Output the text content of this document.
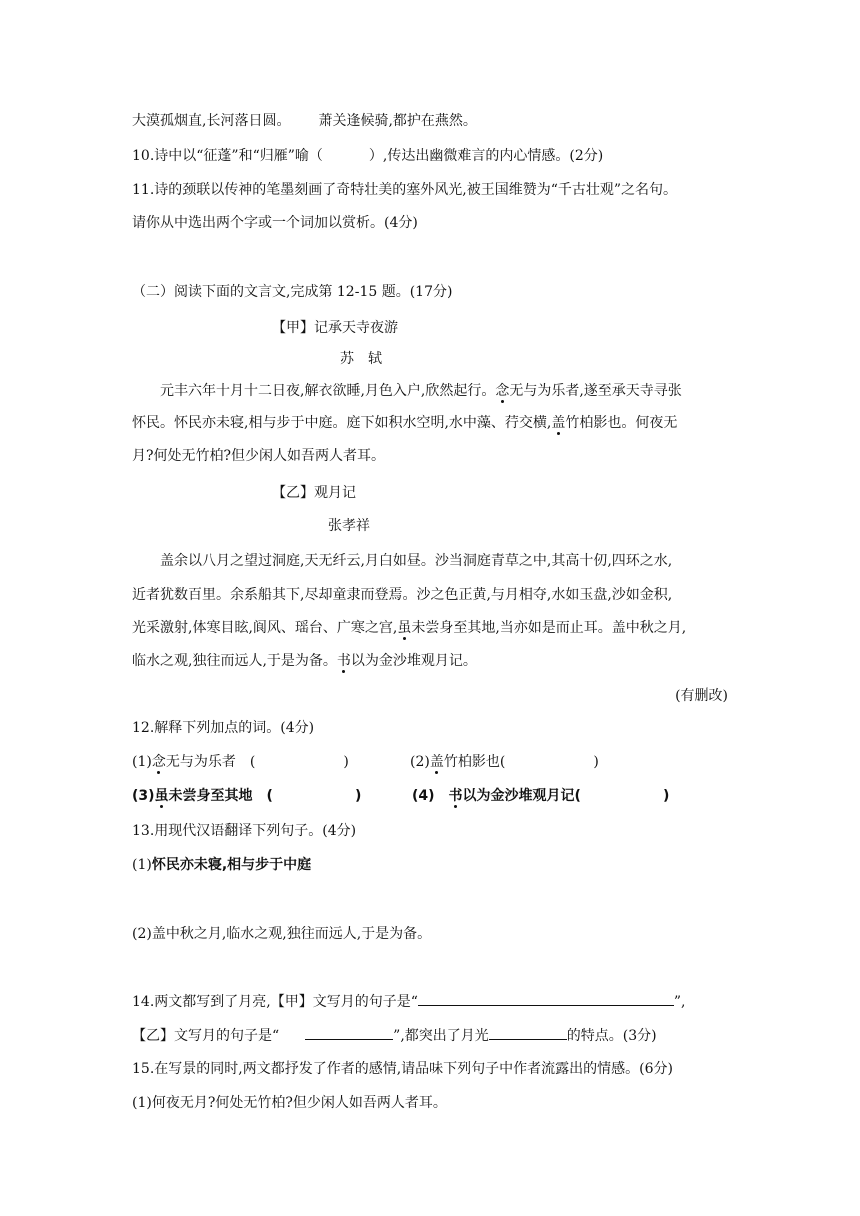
大漠孤烟直,长河落日圆。 萧关逢候骑,都护在燕然。
10.诗中以“征蓬”和“归雁”喻（	）,传达出幽微难言的内心情感。(2分)
11.诗的颈联以传神的笔墨刻画了奇特壮美的塞外风光,被王国维赞为“千古壮观”之名句。
请你从中选出两个字或一个词加以赏析。(4分)
（二）阅读下面的文言文,完成第 12-15 题。(17分)
【甲】记承天寺夜游
苏　轼
元丰六年十月十二日夜,解衣欲睡,月色入户,欣然起行。念无与为乐者,遂至承天寺寻张
怀民。怀民亦未寝,相与步于中庭。庭下如积水空明,水中藻、荇交横,盖竹柏影也。何夜无
月?何处无竹柏?但少闲人如吾两人者耳。
【乙】观月记
张孝祥
盖余以八月之望过洞庭,天无纤云,月白如昼。沙当洞庭青草之中,其高十仞,四环之水,
近者犹数百里。余系船其下,尽却童隶而登焉。沙之色正黄,与月相夺,水如玉盘,沙如金积,
光采激射,体寒目眩,阆风、瑶台、广寒之宫,虽未尝身至其地,当亦如是而止耳。盖中秋之月,
临水之观,独往而远人,于是为备。书以为金沙堆观月记。
(有删改)
12.解释下列加点的词。(4分)
(1)念无与为乐者　(	)	(2)盖竹柏影也(	)
(3)虽未尝身至其地　(	)	(4)　书以为金沙堆观月记(	)
13.用现代汉语翻译下列句子。(4分)
(1)怀民亦未寝,相与步于中庭
(2)盖中秋之月,临水之观,独往而远人,于是为备。
14.两文都写到了月亮,【甲】文写月的句子是“	”,
【乙】文写月的句子是“	”,都突出了月光	的特点。(3分)
15.在写景的同时,两文都抒发了作者的感情,请品味下列句子中作者流露出的情感。(6分)
(1)何夜无月?何处无竹柏?但少闲人如吾两人者耳。
